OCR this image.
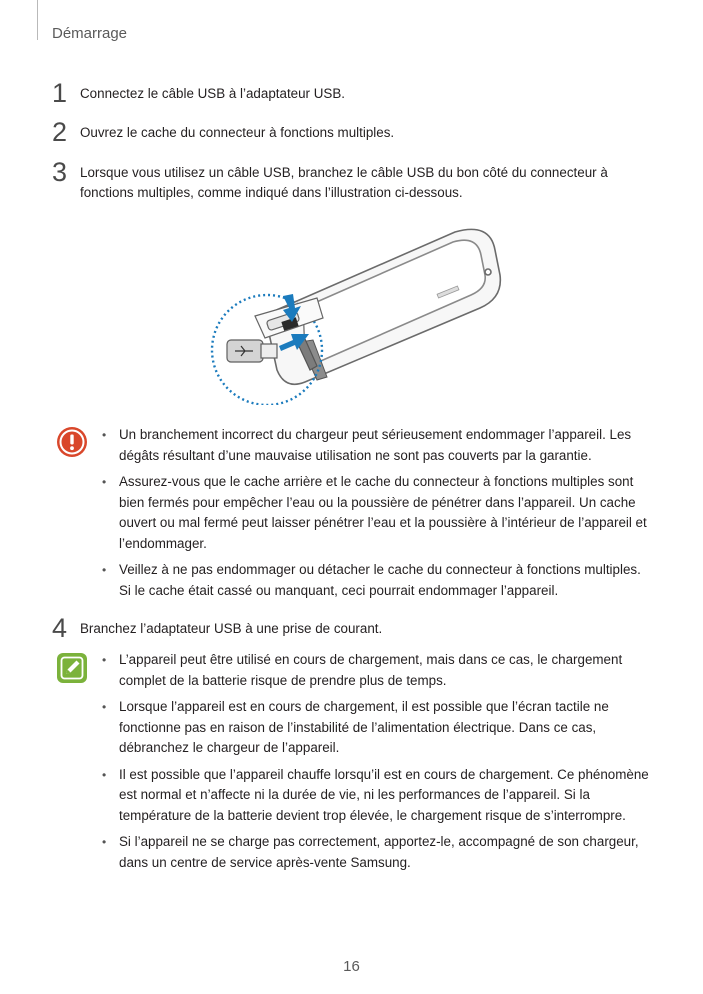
Démarrage
1 Connectez le câble USB à l’adaptateur USB.
2 Ouvrez le cache du connecteur à fonctions multiples.
3 Lorsque vous utilisez un câble USB, branchez le câble USB du bon côté du connecteur à fonctions multiples, comme indiqué dans l’illustration ci-dessous.
• Un branchement incorrect du chargeur peut sérieusement endommager l’appareil. Les dégâts résultant d’une mauvaise utilisation ne sont pas couverts par la garantie.
• Assurez-vous que le cache arrière et le cache du connecteur à fonctions multiples sont bien fermés pour empêcher l’eau ou la poussière de pénétrer dans l’appareil. Un cache ouvert ou mal fermé peut laisser pénétrer l’eau et la poussière à l’intérieur de l’appareil et l’endommager.
• Veillez à ne pas endommager ou détacher le cache du connecteur à fonctions multiples. Si le cache était cassé ou manquant, ceci pourrait endommager l’appareil.
4 Branchez l’adaptateur USB à une prise de courant.
• L’appareil peut être utilisé en cours de chargement, mais dans ce cas, le chargement complet de la batterie risque de prendre plus de temps.
• Lorsque l’appareil est en cours de chargement, il est possible que l’écran tactile ne fonctionne pas en raison de l’instabilité de l’alimentation électrique. Dans ce cas, débranchez le chargeur de l’appareil.
• Il est possible que l’appareil chauffe lorsqu’il est en cours de chargement. Ce phénomène est normal et n’affecte ni la durée de vie, ni les performances de l’appareil. Si la température de la batterie devient trop élevée, le chargement risque de s’interrompre.
• Si l’appareil ne se charge pas correctement, apportez-le, accompagné de son chargeur, dans un centre de service après-vente Samsung.
16
